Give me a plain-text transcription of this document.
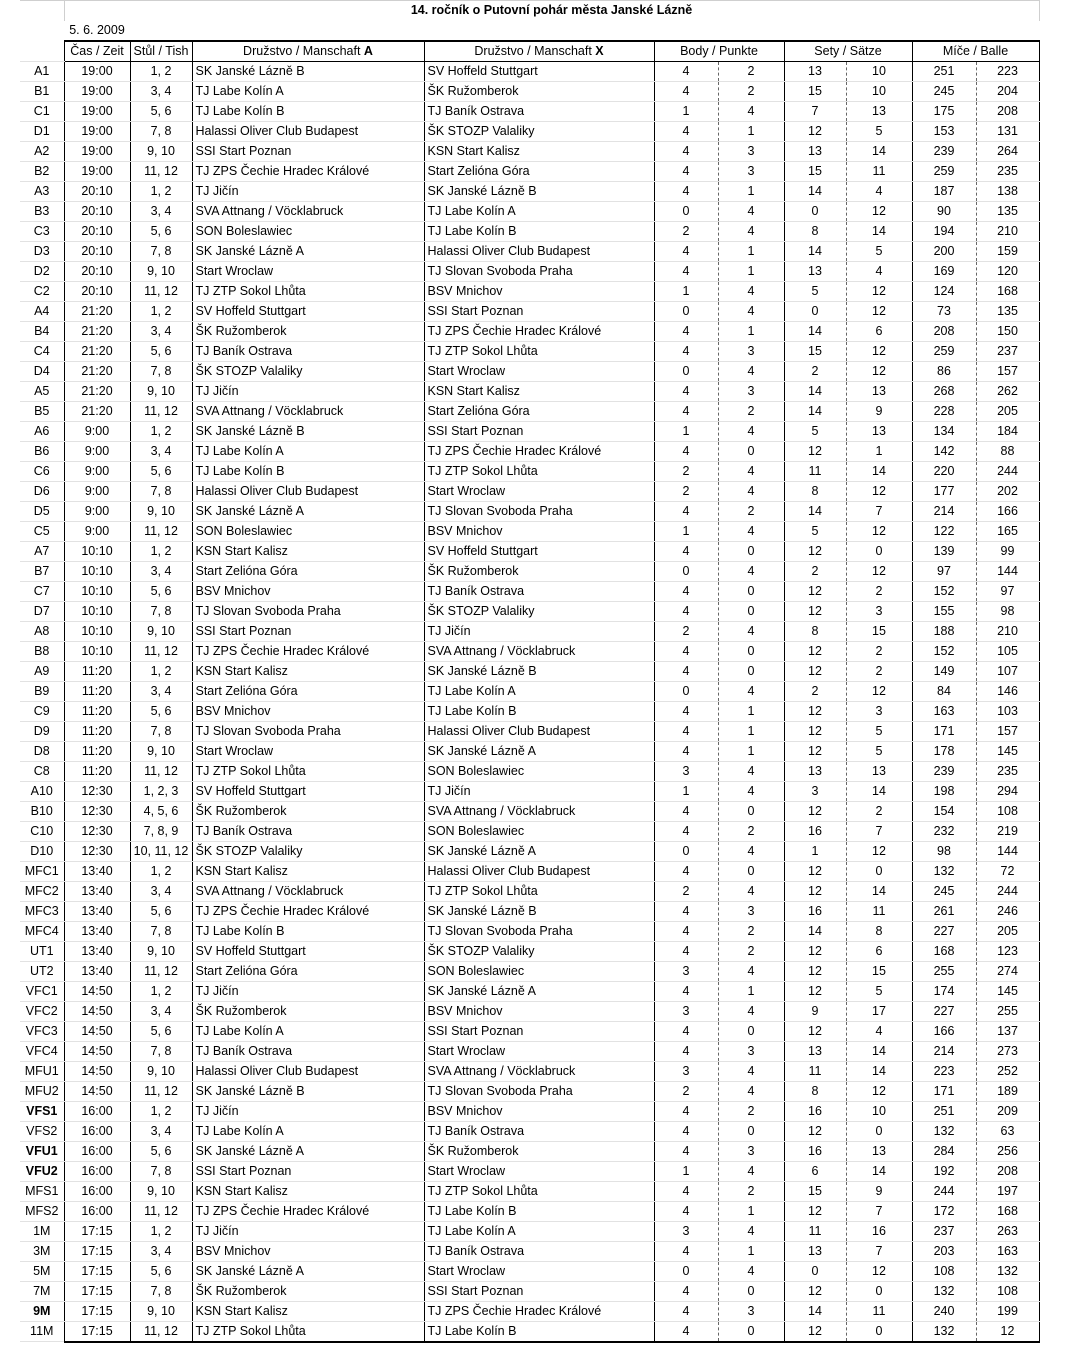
	14. ročník o Putovní pohár města Janské Lázně									
	5. 6. 2009									
	Čas / Zeit	Stůl / Tish	Družstvo / Manschaft A	Družstvo / Manschaft X	Body / Punkte		Sety / Sätze		Míče / Balle	
A1	19:00	1, 2	SK Janské Lázně B	SV Hoffeld Stuttgart	4	2	13	10	251	223
B1	19:00	3, 4	TJ Labe Kolín A	ŠK Ružomberok	4	2	15	10	245	204
C1	19:00	5, 6	TJ Labe Kolín B	TJ Baník Ostrava	1	4	7	13	175	208
D1	19:00	7, 8	Halassi Oliver Club Budapest	ŠK STOZP Valaliky	4	1	12	5	153	131
A2	19:00	9, 10	SSI Start Poznan	KSN Start Kalisz	4	3	13	14	239	264
B2	19:00	11, 12	TJ ZPS Čechie Hradec Králové	Start Zelióna Góra	4	3	15	11	259	235
A3	20:10	1, 2	TJ Jičín	SK Janské Lázně B	4	1	14	4	187	138
B3	20:10	3, 4	SVA Attnang / Vöcklabruck	TJ Labe Kolín A	0	4	0	12	90	135
C3	20:10	5, 6	SON Boleslawiec	TJ Labe Kolín B	2	4	8	14	194	210
D3	20:10	7, 8	SK Janské Lázně A	Halassi Oliver Club Budapest	4	1	14	5	200	159
D2	20:10	9, 10	Start Wroclaw	TJ Slovan Svoboda Praha	4	1	13	4	169	120
C2	20:10	11, 12	TJ ZTP Sokol Lhůta	BSV Mnichov	1	4	5	12	124	168
A4	21:20	1, 2	SV Hoffeld Stuttgart	SSI Start Poznan	0	4	0	12	73	135
B4	21:20	3, 4	ŠK Ružomberok	TJ ZPS Čechie Hradec Králové	4	1	14	6	208	150
C4	21:20	5, 6	TJ Baník Ostrava	TJ ZTP Sokol Lhůta	4	3	15	12	259	237
D4	21:20	7, 8	ŠK STOZP Valaliky	Start Wroclaw	0	4	2	12	86	157
A5	21:20	9, 10	TJ Jičín	KSN Start Kalisz	4	3	14	13	268	262
B5	21:20	11, 12	SVA Attnang / Vöcklabruck	Start Zelióna Góra	4	2	14	9	228	205
A6	9:00	1, 2	SK Janské Lázně B	SSI Start Poznan	1	4	5	13	134	184
B6	9:00	3, 4	TJ Labe Kolín A	TJ ZPS Čechie Hradec Králové	4	0	12	1	142	88
C6	9:00	5, 6	TJ Labe Kolín B	TJ ZTP Sokol Lhůta	2	4	11	14	220	244
D6	9:00	7, 8	Halassi Oliver Club Budapest	Start Wroclaw	2	4	8	12	177	202
D5	9:00	9, 10	SK Janské Lázně A	TJ Slovan Svoboda Praha	4	2	14	7	214	166
C5	9:00	11, 12	SON Boleslawiec	BSV Mnichov	1	4	5	12	122	165
A7	10:10	1, 2	KSN Start Kalisz	SV Hoffeld Stuttgart	4	0	12	0	139	99
B7	10:10	3, 4	Start Zelióna Góra	ŠK Ružomberok	0	4	2	12	97	144
C7	10:10	5, 6	BSV Mnichov	TJ Baník Ostrava	4	0	12	2	152	97
D7	10:10	7, 8	TJ Slovan Svoboda Praha	ŠK STOZP Valaliky	4	0	12	3	155	98
A8	10:10	9, 10	SSI Start Poznan	TJ Jičín	2	4	8	15	188	210
B8	10:10	11, 12	TJ ZPS Čechie Hradec Králové	SVA Attnang / Vöcklabruck	4	0	12	2	152	105
A9	11:20	1, 2	KSN Start Kalisz	SK Janské Lázně B	4	0	12	2	149	107
B9	11:20	3, 4	Start Zelióna Góra	TJ Labe Kolín A	0	4	2	12	84	146
C9	11:20	5, 6	BSV Mnichov	TJ Labe Kolín B	4	1	12	3	163	103
D9	11:20	7, 8	TJ Slovan Svoboda Praha	Halassi Oliver Club Budapest	4	1	12	5	171	157
D8	11:20	9, 10	Start Wroclaw	SK Janské Lázně A	4	1	12	5	178	145
C8	11:20	11, 12	TJ ZTP Sokol Lhůta	SON Boleslawiec	3	4	13	13	239	235
A10	12:30	1, 2, 3	SV Hoffeld Stuttgart	TJ Jičín	1	4	3	14	198	294
B10	12:30	4, 5, 6	ŠK Ružomberok	SVA Attnang / Vöcklabruck	4	0	12	2	154	108
C10	12:30	7, 8, 9	TJ Baník Ostrava	SON Boleslawiec	4	2	16	7	232	219
D10	12:30	10, 11, 12	ŠK STOZP Valaliky	SK Janské Lázně A	0	4	1	12	98	144
MFC1	13:40	1, 2	KSN Start Kalisz	Halassi Oliver Club Budapest	4	0	12	0	132	72
MFC2	13:40	3, 4	SVA Attnang / Vöcklabruck	TJ ZTP Sokol Lhůta	2	4	12	14	245	244
MFC3	13:40	5, 6	TJ ZPS Čechie Hradec Králové	SK Janské Lázně B	4	3	16	11	261	246
MFC4	13:40	7, 8	TJ Labe Kolín B	TJ Slovan Svoboda Praha	4	2	14	8	227	205
UT1	13:40	9, 10	SV Hoffeld Stuttgart	ŠK STOZP Valaliky	4	2	12	6	168	123
UT2	13:40	11, 12	Start Zelióna Góra	SON Boleslawiec	3	4	12	15	255	274
VFC1	14:50	1, 2	TJ Jičín	SK Janské Lázně A	4	1	12	5	174	145
VFC2	14:50	3, 4	ŠK Ružomberok	BSV Mnichov	3	4	9	17	227	255
VFC3	14:50	5, 6	TJ Labe Kolín A	SSI Start Poznan	4	0	12	4	166	137
VFC4	14:50	7, 8	TJ Baník Ostrava	Start Wroclaw	4	3	13	14	214	273
MFU1	14:50	9, 10	Halassi Oliver Club Budapest	SVA Attnang / Vöcklabruck	3	4	11	14	223	252
MFU2	14:50	11, 12	SK Janské Lázně B	TJ Slovan Svoboda Praha	2	4	8	12	171	189
VFS1	16:00	1, 2	TJ Jičín	BSV Mnichov	4	2	16	10	251	209
VFS2	16:00	3, 4	TJ Labe Kolín A	TJ Baník Ostrava	4	0	12	0	132	63
VFU1	16:00	5, 6	SK Janské Lázně A	ŠK Ružomberok	4	3	16	13	284	256
VFU2	16:00	7, 8	SSI Start Poznan	Start Wroclaw	1	4	6	14	192	208
MFS1	16:00	9, 10	KSN Start Kalisz	TJ ZTP Sokol Lhůta	4	2	15	9	244	197
MFS2	16:00	11, 12	TJ ZPS Čechie Hradec Králové	TJ Labe Kolín B	4	1	12	7	172	168
1M	17:15	1, 2	TJ Jičín	TJ Labe Kolín A	3	4	11	16	237	263
3M	17:15	3, 4	BSV Mnichov	TJ Baník Ostrava	4	1	13	7	203	163
5M	17:15	5, 6	SK Janské Lázně A	Start Wroclaw	0	4	0	12	108	132
7M	17:15	7, 8	ŠK Ružomberok	SSI Start Poznan	4	0	12	0	132	108
9M	17:15	9, 10	KSN Start Kalisz	TJ ZPS Čechie Hradec Králové	4	3	14	11	240	199
11M	17:15	11, 12	TJ ZTP Sokol Lhůta	TJ Labe Kolín B	4	0	12	0	132	12
